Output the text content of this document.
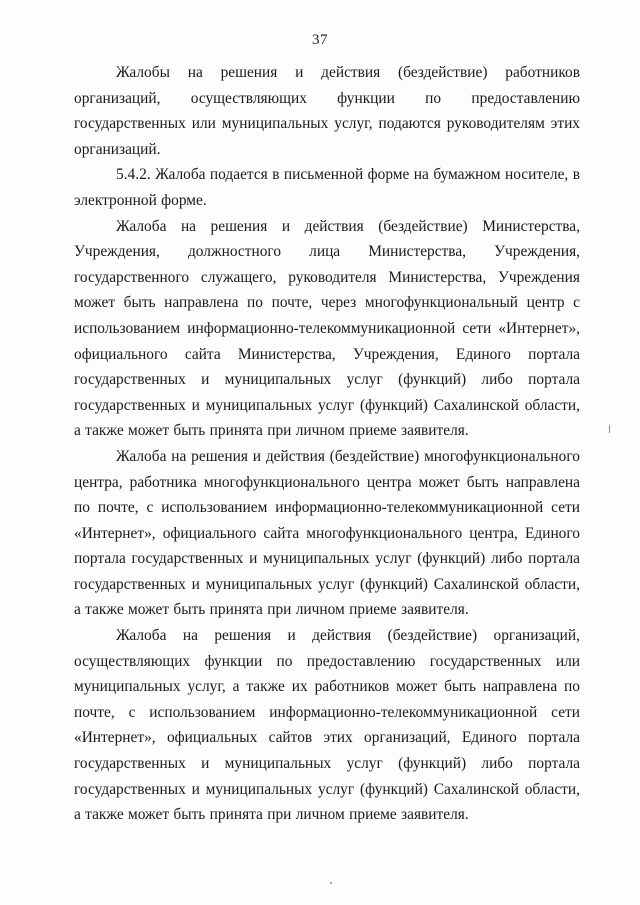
37

Жалобы на решения и действия (бездействие) работников организаций, осуществляющих функции по предоставлению государственных или муниципальных услуг, подаются руководителям этих организаций.

5.4.2. Жалоба подается в письменной форме на бумажном носителе, в электронной форме.

Жалоба на решения и действия (бездействие) Министерства, Учреждения, должностного лица Министерства, Учреждения, государственного служащего, руководителя Министерства, Учреждения может быть направлена по почте, через многофункциональный центр с использованием информационно-телекоммуникационной сети «Интернет», официального сайта Министерства, Учреждения, Единого портала государственных и муниципальных услуг (функций) либо портала государственных и муниципальных услуг (функций) Сахалинской области, а также может быть принята при личном приеме заявителя.

Жалоба на решения и действия (бездействие) многофункционального центра, работника многофункционального центра может быть направлена по почте, с использованием информационно-телекоммуникационной сети «Интернет», официального сайта многофункционального центра, Единого портала государственных и муниципальных услуг (функций) либо портала государственных и муниципальных услуг (функций) Сахалинской области, а также может быть принята при личном приеме заявителя.

Жалоба на решения и действия (бездействие) организаций, осуществляющих функции по предоставлению государственных или муниципальных услуг, а также их работников может быть направлена по почте, с использованием информационно-телекоммуникационной сети «Интернет», официальных сайтов этих организаций, Единого портала государственных и муниципальных услуг (функций) либо портала государственных и муниципальных услуг (функций) Сахалинской области, а также может быть принята при личном приеме заявителя.
